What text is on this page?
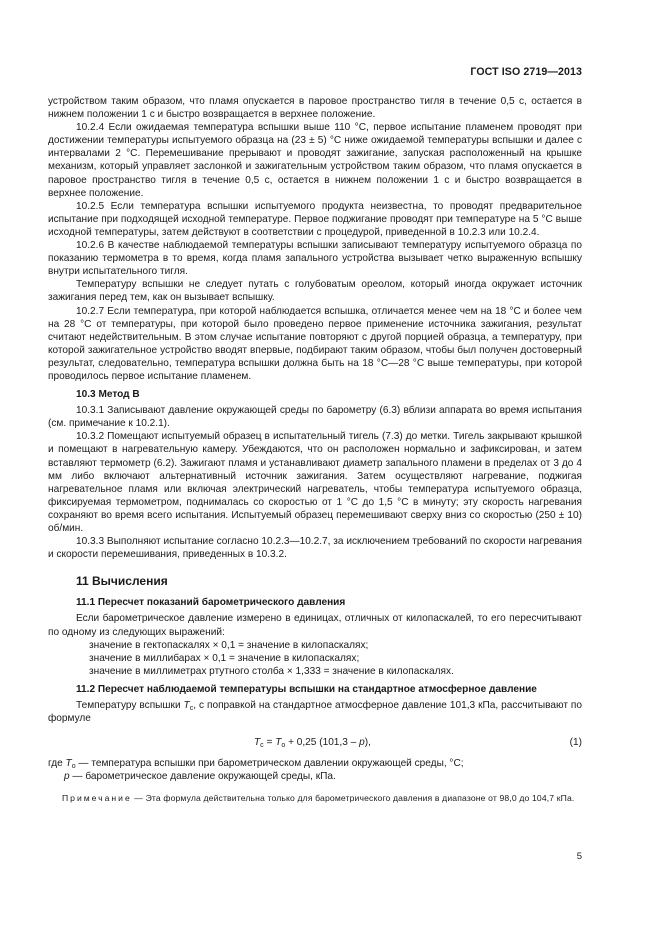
ГОСТ ISO 2719—2013

устройством таким образом, что пламя опускается в паровое пространство тигля в течение 0,5 с, остается в нижнем положении 1 с и быстро возвращается в верхнее положение.

10.2.4 Если ожидаемая температура вспышки выше 110 °С, первое испытание пламенем проводят при достижении температуры испытуемого образца на (23 ± 5) °С ниже ожидаемой температуры вспышки и далее с интервалами 2 °С. Перемешивание прерывают и проводят зажигание, запуская расположенный на крышке механизм, который управляет заслонкой и зажигательным устройством таким образом, что пламя опускается в паровое пространство тигля в течение 0,5 с, остается в нижнем положении 1 с и быстро возвращается в верхнее положение.

10.2.5 Если температура вспышки испытуемого продукта неизвестна, то проводят предварительное испытание при подходящей исходной температуре. Первое поджигание проводят при температуре на 5 °С выше исходной температуры, затем действуют в соответствии с процедурой, приведенной в 10.2.3 или 10.2.4.

10.2.6 В качестве наблюдаемой температуры вспышки записывают температуру испытуемого образца по показанию термометра в то время, когда пламя запального устройства вызывает четко выраженную вспышку внутри испытательного тигля.

Температуру вспышки не следует путать с голубоватым ореолом, который иногда окружает источник зажигания перед тем, как он вызывает вспышку.

10.2.7 Если температура, при которой наблюдается вспышка, отличается менее чем на 18 °С и более чем на 28 °С от температуры, при которой было проведено первое применение источника зажигания, результат считают недействительным. В этом случае испытание повторяют с другой порцией образца, а температуру, при которой зажигательное устройство вводят впервые, подбирают таким образом, чтобы был получен достоверный результат, следовательно, температура вспышки должна быть на 18 °С—28 °С выше температуры, при которой проводилось первое испытание пламенем.

10.3 Метод В

10.3.1 Записывают давление окружающей среды по барометру (6.3) вблизи аппарата во время испытания (см. примечание к 10.2.1).

10.3.2 Помещают испытуемый образец в испытательный тигель (7.3) до метки. Тигель закрывают крышкой и помещают в нагревательную камеру. Убеждаются, что он расположен нормально и зафиксирован, и затем вставляют термометр (6.2). Зажигают пламя и устанавливают диаметр запального пламени в пределах от 3 до 4 мм либо включают альтернативный источник зажигания. Затем осуществляют нагревание, поджигая нагревательное пламя или включая электрический нагреватель, чтобы температура испытуемого образца, фиксируемая термометром, поднималась со скоростью от 1 °С до 1,5 °С в минуту; эту скорость нагревания сохраняют во время всего испытания. Испытуемый образец перемешивают сверху вниз со скоростью (250 ± 10) об/мин.

10.3.3 Выполняют испытание согласно 10.2.3—10.2.7, за исключением требований по скорости нагревания и скорости перемешивания, приведенных в 10.3.2.

11 Вычисления
11.1 Пересчет показаний барометрического давления

Если барометрическое давление измерено в единицах, отличных от килопаскалей, то его пересчитывают по одному из следующих выражений:

значение в гектопаскалях × 0,1 = значение в килопаскалях;
значение в миллибарах × 0,1 = значение в килопаскалях;
значение в миллиметрах ртутного столба × 1,333 = значение в килопаскалях.
11.2 Пересчет наблюдаемой температуры вспышки на стандартное атмосферное давление

Температуру вспышки $T_c$, с поправкой на стандартное атмосферное давление 101,3 кПа, рассчитывают по формуле

$T_c = T_o + 0,25$ (101,3 – p),	(1)
где $T_o$ — температура вспышки при барометрическом давлении окружающей среды, °С;
p — барометрическое давление окружающей среды, кПа.

Примечание — Эта формула действительна только для барометрического давления в диапазоне от 98,0 до 104,7 кПа.

5
